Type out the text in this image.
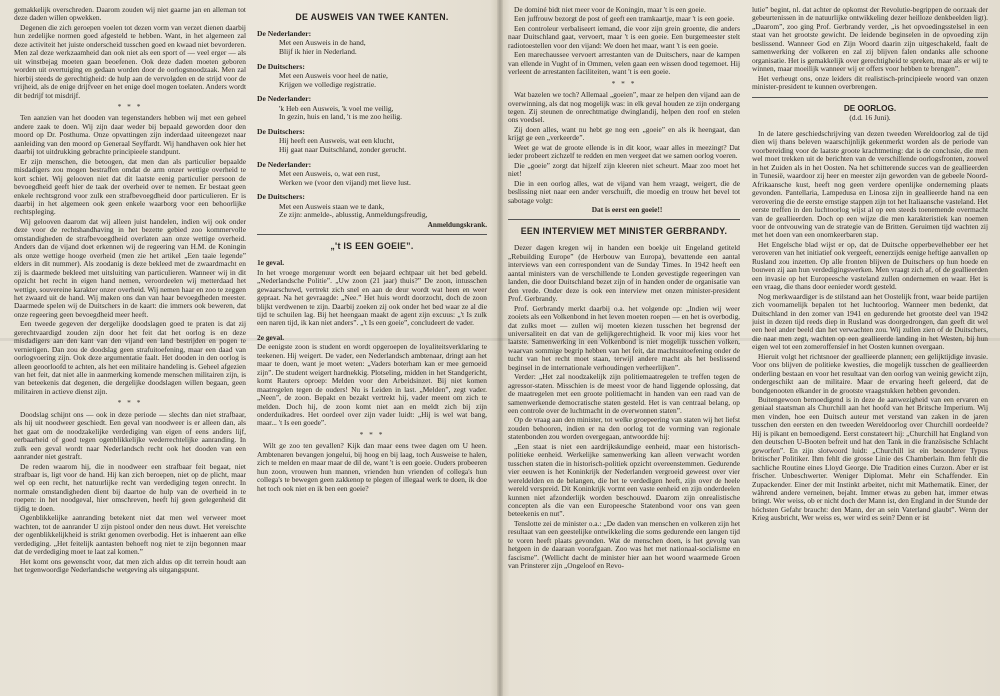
gemakkelijk overschreden. Daarom zouden wij niet gaarne jan en alleman tot deze daden willen opwekken.

Degenen die zich geroepen voelen tot dezen vorm van verzet dienen daarbij hun zedelijke normen goed afgesteld te hebben. Want, in het algemeen zal deze activiteit het juiste onderscheid tusschen goed en kwaad niet bevorderen. Men zal deze werkzaamheid dan ook niet als een sport of — veel erger — als uit winstbejag moeten gaan beoefenen. Ook deze daden moeten geboren worden uit overtuiging en gedaan worden door de oorlogsnoodzaak. Men zal hierbij steeds de gerechtigheid: de hulp aan de vervolgden en de strijd voor de vrijheid, als de enige drijfveer en het enige doel mogen toelaten. Anders wordt dit bedrijf tot misdrijf.

* * *

Ten aanzien van het dooden van tegenstanders hebben wij met een geheel andere zaak te doen. Wij zijn daar weder bij bepaald geworden door den moord op Dr. Posthuma. Onze opvattingen zijn inderdaad uiteengezet naar aanleiding van den moord op Generaal Seyffardt. Wij handhaven ook hier het daarbij tot uitdrukking gebrachte principieele standpunt.

Er zijn menschen, die betoogen, dat men dan als particulier bepaalde misdadigers zou mogen bestraffen omdat de arm onzer wettige overheid te kort schiet. Wij gelooven niet dat dit laatste eenig particulier persoon de bevoegdheid geeft hier de taak der overheid over te nemen. Er bestaat geen enkele rechtsgrond voor zulk een strafbevoegdheid door particulieren. Er is daarbij in het algemeen ook geen enkele waarborg voor een behoorlijke rechtspleging.

Wij gelooven daarom dat wij alleen juist handelen, indien wij ook onder deze voor de rechtshandhaving in het bezette gebied zoo kommervolle omstandigheden de strafbevoegdheid overlaten aan onze wettige overheid. Anders dan de vijand doet erkennen wij de regeering van H.M. de Koningin als onze wettige hooge overheid (men zie het artikel „Een taaie legende” elders in dit nummer). Als zoodanig is deze bekleed met de zwaardmacht en zij is daarmede bekleed met uitsluiting van particulieren. Wanneer wij in dit opzicht het recht in eigen hand nemen, veroordeelen wij metterdaad het wettige, souvereine karakter onzer overheid. Wij nemen haar en zoo te zeggen het zwaard uit de hand. Wij maken ons dan van haar bevoegdheden meester. Daarmede spelen wij de Duitschers in de kaart: die immers ook beweren, dat onze regeering geen bevoegdheid meer heeft.

Een tweede gegeven der dergelijke doodslagen goed te praten is dat zij gerechtvaardigd zouden zijn door het feit dat het oorlog is en deze misdadigers aan den kant van den vijand een land bestrijden en pogen te vernietigen. Dan zou de doodslag geen strafuitoefening, maar een daad van oorlogvoering zijn. Ook deze argumentatie faalt. Het dooden in den oorlog is alleen geoorloofd te achten, als het een militaire handeling is. Geheel afgezien van het feit, dat niet alle in aanmerking komende menschen militairen zijn, is van beteekenis dat degenen, die dergelijke doodslagen willen begaan, geen militairen in actieve dienst zijn.

* * *

Doodslag schijnt ons — ook in deze periode — slechts dan niet strafbaar, als hij uit noodweer geschiedt. Een geval van noodweer is er alleen dan, als het gaat om de noodzakelijke verdediging van eigen of eens anders lijf, eerbaarheid of goed tegen ogenblikkelijke wederrechtelijke aanranding. In zulk een geval wordt naar Nederlandsch recht ook het dooden van een aanrander niet gestraft.

De reden waarom hij, die in noodweer een strafbaar feit begaat, niet strafbaar is, ligt voor de hand. Hij kan zich beroepen, niet op de plicht, maar wel op een recht, het natuurlijke recht van verdediging tegen onrecht. In normale omstandigheden dient bij daartoe de hulp van de overheid in te roepen: in het noodgeval, hier omschreven, heeft hij geen gelegenheid dit tijdig te doen.

Ogenblikkelijke aanranding betekent niet dat men wel verweer moet wachten, tot de aanrander U zijn pistool onder den neus duwt. Het vereischte der ogenblikkelijkheid is strikt genomen overbodig. Het is inhaerent aan elke verdediging. „Het feitelijk aantasten behoeft nog niet te zijn begonnen maar dat de verdediging moet te laat zal komen.”

Het komt ons gewenscht voor, dat men zich aldus op dit terrein houdt aan het tegenwoordige Nederlandsche wetgeving als uitgangspunt.

DE AUSWEIS VAN TWEE KANTEN.
De Nederlander:
Met een Ausweis in de hand,
Blijf ik hier in Nederland.
De Duitschers:
Met een Ausweis voor heel de natie,
Krijgen we volledige registratie.
De Nederlander:
'k Heb een Ausweis, 'k voel me veilig,
In gezin, huis en land, 't is me zoo heilig.
De Duitschers:
Hij heeft een Ausweis, wat een klucht,
Hij gaat naar Duitschland, zonder gerucht.
De Nederlander:
Met een Ausweis, o, wat een rust,
Werken we (voor den vijand) met lieve lust.
De Duitschers:
Met een Ausweis staan we te dank,
Ze zijn: anmelde-, ablusstig, Anmeldungsfreudig,
Anmeldungskrank.
„'t IS EEN GOEIE”.
1e geval.

In het vroege morgenuur wordt een bejaard echtpaar uit het bed gebeld. „Nederlandsche Politie”. „Uw zoon (21 jaar) thuis?” De zoon, intusschen gewaarschuwd, vertrekt zich snel en aan de deur wordt wat heen en weer gepraat. Na het gevraagde: „Nee.” Het huis wordt doorzocht, doch de zoon blijkt verdwenen te zijn. Daarbij zoeken zij ook onder het bed waar ze al die tijd te schuilen lag. Bij het heengaan maakt de agent zijn excuus: „'t Is zulk een naren tijd, ik kan niet anders”. „'t Is een goeie”, concludeert de vader.

2e geval.

De eenigste zoon is student en wordt opgeroepen de loyaliteitsverklaring te teekenen. Hij weigert. De vader, een Nederlandsch ambtenaar, dringt aan het maar te doen, want je moet weten: „Vaders boterham kan er mee gemoeid zijn”. De student weigert hardnekkig. Plotseling, midden in het Standgericht, komt Rauters oproep: Melden voor den Arbeidsinzet. Bij niet komen maatregelen tegen de ouders! Nu is Leiden in last. „Melden”, zegt vader. „Neen”, de zoon. Bepakt en bezakt vertrekt hij, vader meent om zich te melden. Doch hij, de zoon komt niet aan en meldt zich bij zijn onderduikadres. Het oordeel over zijn vader luidt: „Hij is wel wat bang, maar... 't Is een goede”.

* * *

Wilt ge zoo ten gevallen? Kijk dan maar eens twee dagen om U heen. Ambtenaren bevangen jongelui, bij hoog en bij laag, toch Ausweise te halen, zich te melden en maar maar de dil de, want 't is een goeie. Ouders probeeren hun zoon, vrouwen hun mannen, vrienden hun vrienden of collega's hun collega's te bewegen geen zakkenop te plegen of illegaal werk te doen, ik doe het toch ook niet en ik ben een goeie?

De dominé bidt niet meer voor de Koningin, maar 't is een goeie.

Een juffrouw bezorgt de post of geeft een tramkaartje, maar 't is een goeie.

Een controleur verbaliseert iemand, die voor zijn grein groente, die anders naar Duitschland gaat, vervoert, maar 't is een goeie. Een burgemeester stelt radiotoestellen voor den vijand: We doen het maar, want 't is een goeie.

Een marechaussee vervoert arrestanten van de Duitschers, naar de kampen van ellende in Vught of in Ommen, velen gaan een wissen dood tegemoet. Hij verleent de arrestanten faciliteiten, want 't is een goeie.

* * *

Wat bazelen we toch? Allemaal „goeien”, maar ze helpen den vijand aan de overwinning, als dat nog mogelijk was: in elk geval houden ze zijn ondergang tegen. Zij steunen de onrechtmatige dwinglandij, helpen den roof en stelen ons voedsel.

Zij doen alles, want nu hebt ge nog een „goeie” en als ik heengaat, dan krijgt ge een „verkeerde”.

Weet ge wat de groote ellende is in dit koor, waar alles in meezingt? Dat ieder probeert zichzelf te redden en men vergeet dat we samen oorlog voeren.

Die „goeie” zorgt dat hijzelf zijn kleeren niet scheurt. Maar zoo moet het niet!

Die in een oorlog alles, wat de vijand van hem vraagt, weigert, die de beslissing niet naar een ander verschuift, die moedig en trouw het bevel tot sabotage volgt:

Dat is eerst een goeie!!

EEN INTERVIEW MET MINISTER GERBRANDY.

Dezer dagen kregen wij in handen een boekje uit Engeland getiteld „Rebuilding Europe” (de Herbouw van Europa), bevattende een aantal interviews van een correspondent van de Sunday Times. In 1942 heeft een aantal ministers van de verschillende te Londen gevestigde regeeringen van landen, die door Duitschland bezet zijn of in handen onder de organisatie van den vrede. Onder deze is ook een interview met onzen minister-president Prof. Gerbrandy.

Prof. Gerbrandy merkt daarbij o.a. het volgende op: „Indien wij weer zooiets als een Volkenbond in het leven moeten roepen — en het is overbodig, dat zulks moet — zullen wij moeten kiezen tusschen het begrensd der universaliteit en dat van de gelijkgerechtigheid. Ik voor mij kies voor het laatste. Samenwerking in een Volkenbond is niet mogelijk tusschen volken, waarvan sommige begrip hebben van het feit, dat machtsuitoefening onder de tucht van het recht moet staan, terwijl andere macht als het beslissend beginsel in de internationale verhoudingen verheerlijken”.

Verder: „Het zal noodzakelijk zijn politiemaatregelen te treffen tegen de agressor-staten. Misschien is de meest voor de hand liggende oplossing, dat de maatregelen met een groote politiemacht in handen van een raad van de samenwerkende democratische staten gesteld. Het is van centraal belang, op een controle over de luchtmacht in de overwonnen staten”.

Op de vraag aan den minister, tot welke groepeering van staten wij het liefst zouden behooren, indien er na den oorlog tot de vorming van regionale statenbonden zou worden overgegaan, antwoordde hij:

„Een staat is niet een aardrijkskundige eenheid, maar een historisch-politieke eenheid. Werkelijke samenwerking kan alleen verwacht worden tusschen staten die in historisch-politiek opzicht overeenstemmen. Gedurende vier eeuwen is het Koninkrijk der Nederlanden vergroeid geweest over vier wereldelden en de belangen, die het te verdedigen heeft, zijn over de heele wereld verspreid. Dit Koninkrijk vormt een vaste eenheid en zijn onderdeelen kunnen niet afzonderlijk worden beschouwd. Daarom zijn onrealistische concepten als die van een Europeesche Statenbond voor ons van geen beteekenis en nut”.

Tenslotte zei de minister o.a.: „De daden van menschen en volkeren zijn het resultaat van een geestelijke ontwikkeling die soms gedurende een langen tijd te voren heeft plaats gevonden. Wat de menschen doen, is het gevolg van hetgeen in de daaraan voorafgaan. Zoo was het met nationaal-socialisme en fascisme”. (Wellicht dacht de minister hier aan het woord waarmede Groen van Prinsterer zijn „Ongeloof en Revo-

lutie” begint, nl. dat achter de opkomst der Revolutie-begrippen de oorzaak der gebeurtenissen in de natuurlijke ontwikkeling dezer heilloze denkbeelden ligt). „Daarom”, zoo ging Prof. Gerbrandy verder, „is het opvoedingsstelsel in een staat van het grootste gewicht. De leidende beginselen in de opvoeding zijn beslissend. Wanneer God en Zijn Woord daarin zijn uitgeschakeld, faalt de samenwerking der volkeren en zal zij blijven falen ondanks alle schoone organisatie. Het is gemakkelijk over gerechtigheid te spreken, maar als er wij te winnen, maar moeilijk wanneer wij er offers voor hebben te brengen”.

Het verheugt ons, onze leiders dit realistisch-principieele woord van onzen minister-president te kunnen overbrengen.

DE OORLOG.
(d.d. 16 Juni).

In de latere geschiedschrijving van dezen tweeden Wereldoorlog zal de tijd dien wij thans beleven waarschijnlijk gekenmerkt worden als de periode van voorbereiding voor de laatste groote krachtmeting: dat is de conclusie, die men wel moet trekken uit de berichten van de verschillende oorlogsfronten, zoowel in het Zuiden als in het Oosten. Na het schitterende succes van de geallieerden in Tunesië, waardoor zij heer en meester zijn geworden van de gebeele Noord-Afrikaansche kust, heeft nog geen verdere openlijke onderneming plaats gevonden. Pantellaria, Lampedusa en Linosa zijn in geallieerde hand na een verovering die de eerste ernstige stappen zijn tot het Italiaansche vasteland. Het eerste treffen in den luchtoorlog wijst al op een steeds toenemende overmacht van de geallieerden. Doch op een wijze die men karakteristiek kan noemen voor de ontvouwing van de strategie van de Britten. Geruimen tijd wachten zij met het doen van een onomkeerbaren stap.

Het Engelsche blad wijst er op, dat de Duitsche opperbevelhebber eer het veroveren van het initiatief ook vergeeft, eenerzijds eenige heftige aanvallen op Rusland zou inzetten. Op alle fronten blijven de Duitschers op hun hoede en bouwen zij aan hun verdedigingswerken. Men vraagt zich af, of de geallieerden een invasie op het Europeesche vasteland zullen ondernemen en waar. Het is een vraag, die thans door eenieder wordt gesteld.

Nog merkwaardiger is de stilstand aan het Oostelijk front, waar beide partijen zich voornamelijk bepalen tot het luchtoorlog. Wanneer men bedenkt, dat Duitschland in den zomer van 1941 en gedurende het grootste deel van 1942 juist in dezen tijd reeds diep in Rusland was doorgedrongen, dan geeft dit wel een heel ander beeld dan het verwachten zou. Wij zullen zien of de Duitschers, die naar men zegt, wachten op een geallieerde landing in het Westen, bij hun eigen wel tot een zomeroffensief in het Oosten kunnen overgaan.

Hieruit volgt het richtsnoer der geallieerde plannen; een gelijktijdige invasie. Voor ons blijven de politieke kwesties, die mogelijk tusschen de geallieerden onderling bestaan en voor het resultaat van den oorlog van weinig gewicht zijn, ondergeschikt aan de militaire. Maar de ervaring heeft geleerd, dat de bondgenooten elkander in de grootste vraagstukken hebben gevonden.

Buitengewoon bemoedigend is in deze de aanwezigheid van een ervaren en geniaal staatsman als Churchill aan het hoofd van het Britsche Imperium. Wij men vinden, hoe een Duitsch auteur met verstand van zaken in de jaren tusschen den eersten en den tweeden Wereldoorlog over Churchill oordeelde? Hij is pikant en bemoedigend. Eerst constateert hij: „Churchill hat England von den deutschen U-Booten befreit und hat den Tank in die französische Schlacht geworfen”. En zijn slotwoord luidt: „Churchill ist ein besonderer Typus britischer Politiker. Ihm fehlt die grosse Linie des Chamberlain. Ihm fehlt die sachliche Routine eines Lloyd George. Die Tradition eines Curzon. Aber er ist frischer. Unbeschwerter. Weniger Diplomat. Mehr ein Schaffender. Ein Zupackender. Einer der mit Instinkt arbeitet, nicht mit Mathematik. Einer, der während andere verneinen, bejaht. Immer etwas zu geben hat, immer etwas bringt. Wer weiss, ob er nicht doch der Mann ist, den England in der Stunde der höchsten Gefahr braucht: den Mann, der an sein Vaterland glaubt”. Wenn der Krieg ausbricht, Wer weiss es, wer wird es sein? Denn er ist
